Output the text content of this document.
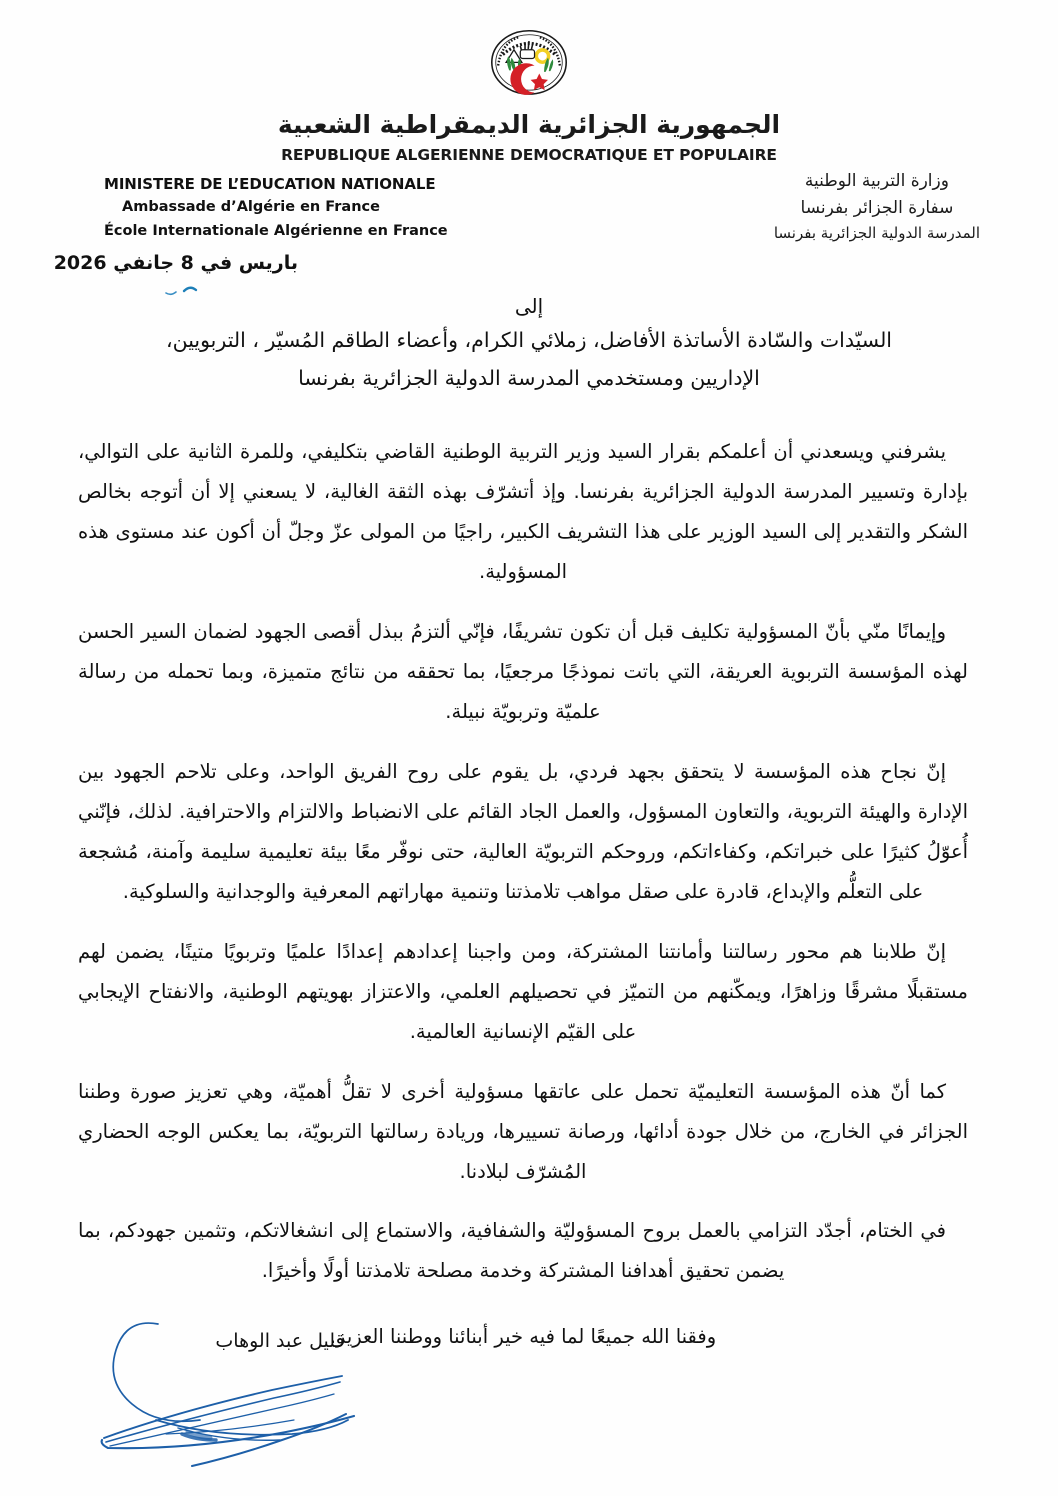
الجمهورية الجزائرية الديمقراطية الشعبية
REPUBLIQUE ALGERIENNE DEMOCRATIQUE ET POPULAIRE
MINISTERE DE L’EDUCATION NATIONALE
Ambassade d’Algérie en France
École Internationale Algérienne en France
وزارة التربية الوطنية
سفارة الجزائر بفرنسا
المدرسة الدولية الجزائرية بفرنسا
باريس في 8 جانفي 2026
إلى
السيّدات والسّادة الأساتذة الأفاضل، زملائي الكرام، وأعضاء الطاقم المُسيّر ، التربويين،
الإداريين ومستخدمي المدرسة الدولية الجزائرية بفرنسا

يشرفني ويسعدني أن أعلمكم بقرار السيد وزير التربية الوطنية القاضي بتكليفي، وللمرة الثانية على التوالي، بإدارة وتسيير المدرسة الدولية الجزائرية بفرنسا. وإذ أتشرّف بهذه الثقة الغالية، لا يسعني إلا أن أتوجه بخالص الشكر والتقدير إلى السيد الوزير على هذا التشريف الكبير، راجيًا من المولى عزّ وجلّ أن أكون عند مستوى هذه المسؤولية.

وإيمانًا منّي بأنّ المسؤولية تكليف قبل أن تكون تشريفًا، فإنّي ألتزمُ ببذل أقصى الجهود لضمان السير الحسن لهذه المؤسسة التربوية العريقة، التي باتت نموذجًا مرجعيًا، بما تحققه من نتائج متميزة، وبما تحمله من رسالة علميّة وتربويّة نبيلة.

إنّ نجاح هذه المؤسسة لا يتحقق بجهد فردي، بل يقوم على روح الفريق الواحد، وعلى تلاحم الجهود بين الإدارة والهيئة التربوية، والتعاون المسؤول، والعمل الجاد القائم على الانضباط والالتزام والاحترافية. لذلك، فإنّني أُعوّلُ كثيرًا على خبراتكم، وكفاءاتكم، وروحكم التربويّة العالية، حتى نوفّر معًا بيئة تعليمية سليمة وآمنة، مُشجعة على التعلُّم والإبداع، قادرة على صقل مواهب تلامذتنا وتنمية مهاراتهم المعرفية والوجدانية والسلوكية.

إنّ طلابنا هم محور رسالتنا وأمانتنا المشتركة، ومن واجبنا إعدادهم إعدادًا علميًا وتربويًا متينًا، يضمن لهم مستقبلًا مشرقًا وزاهرًا، ويمكّنهم من التميّز في تحصيلهم العلمي، والاعتزاز بهويتهم الوطنية، والانفتاح الإيجابي على القيّم الإنسانية العالمية.

كما أنّ هذه المؤسسة التعليميّة تحمل على عاتقها مسؤولية أخرى لا تقلُّ أهميّة، وهي تعزيز صورة وطننا الجزائر في الخارج، من خلال جودة أدائها، ورصانة تسييرها، وريادة رسالتها التربويّة، بما يعكس الوجه الحضاري المُشرّف لبلادنا.

في الختام، أجدّد التزامي بالعمل بروح المسؤوليّة والشفافية، والاستماع إلى انشغالاتكم، وتثمين جهودكم، بما يضمن تحقيق أهدافنا المشتركة وخدمة مصلحة تلامذتنا أولًا وأخيرًا.

وفقنا الله جميعًا لما فيه خير أبنائنا ووطننا العزيز.

قليل عبد الوهاب
